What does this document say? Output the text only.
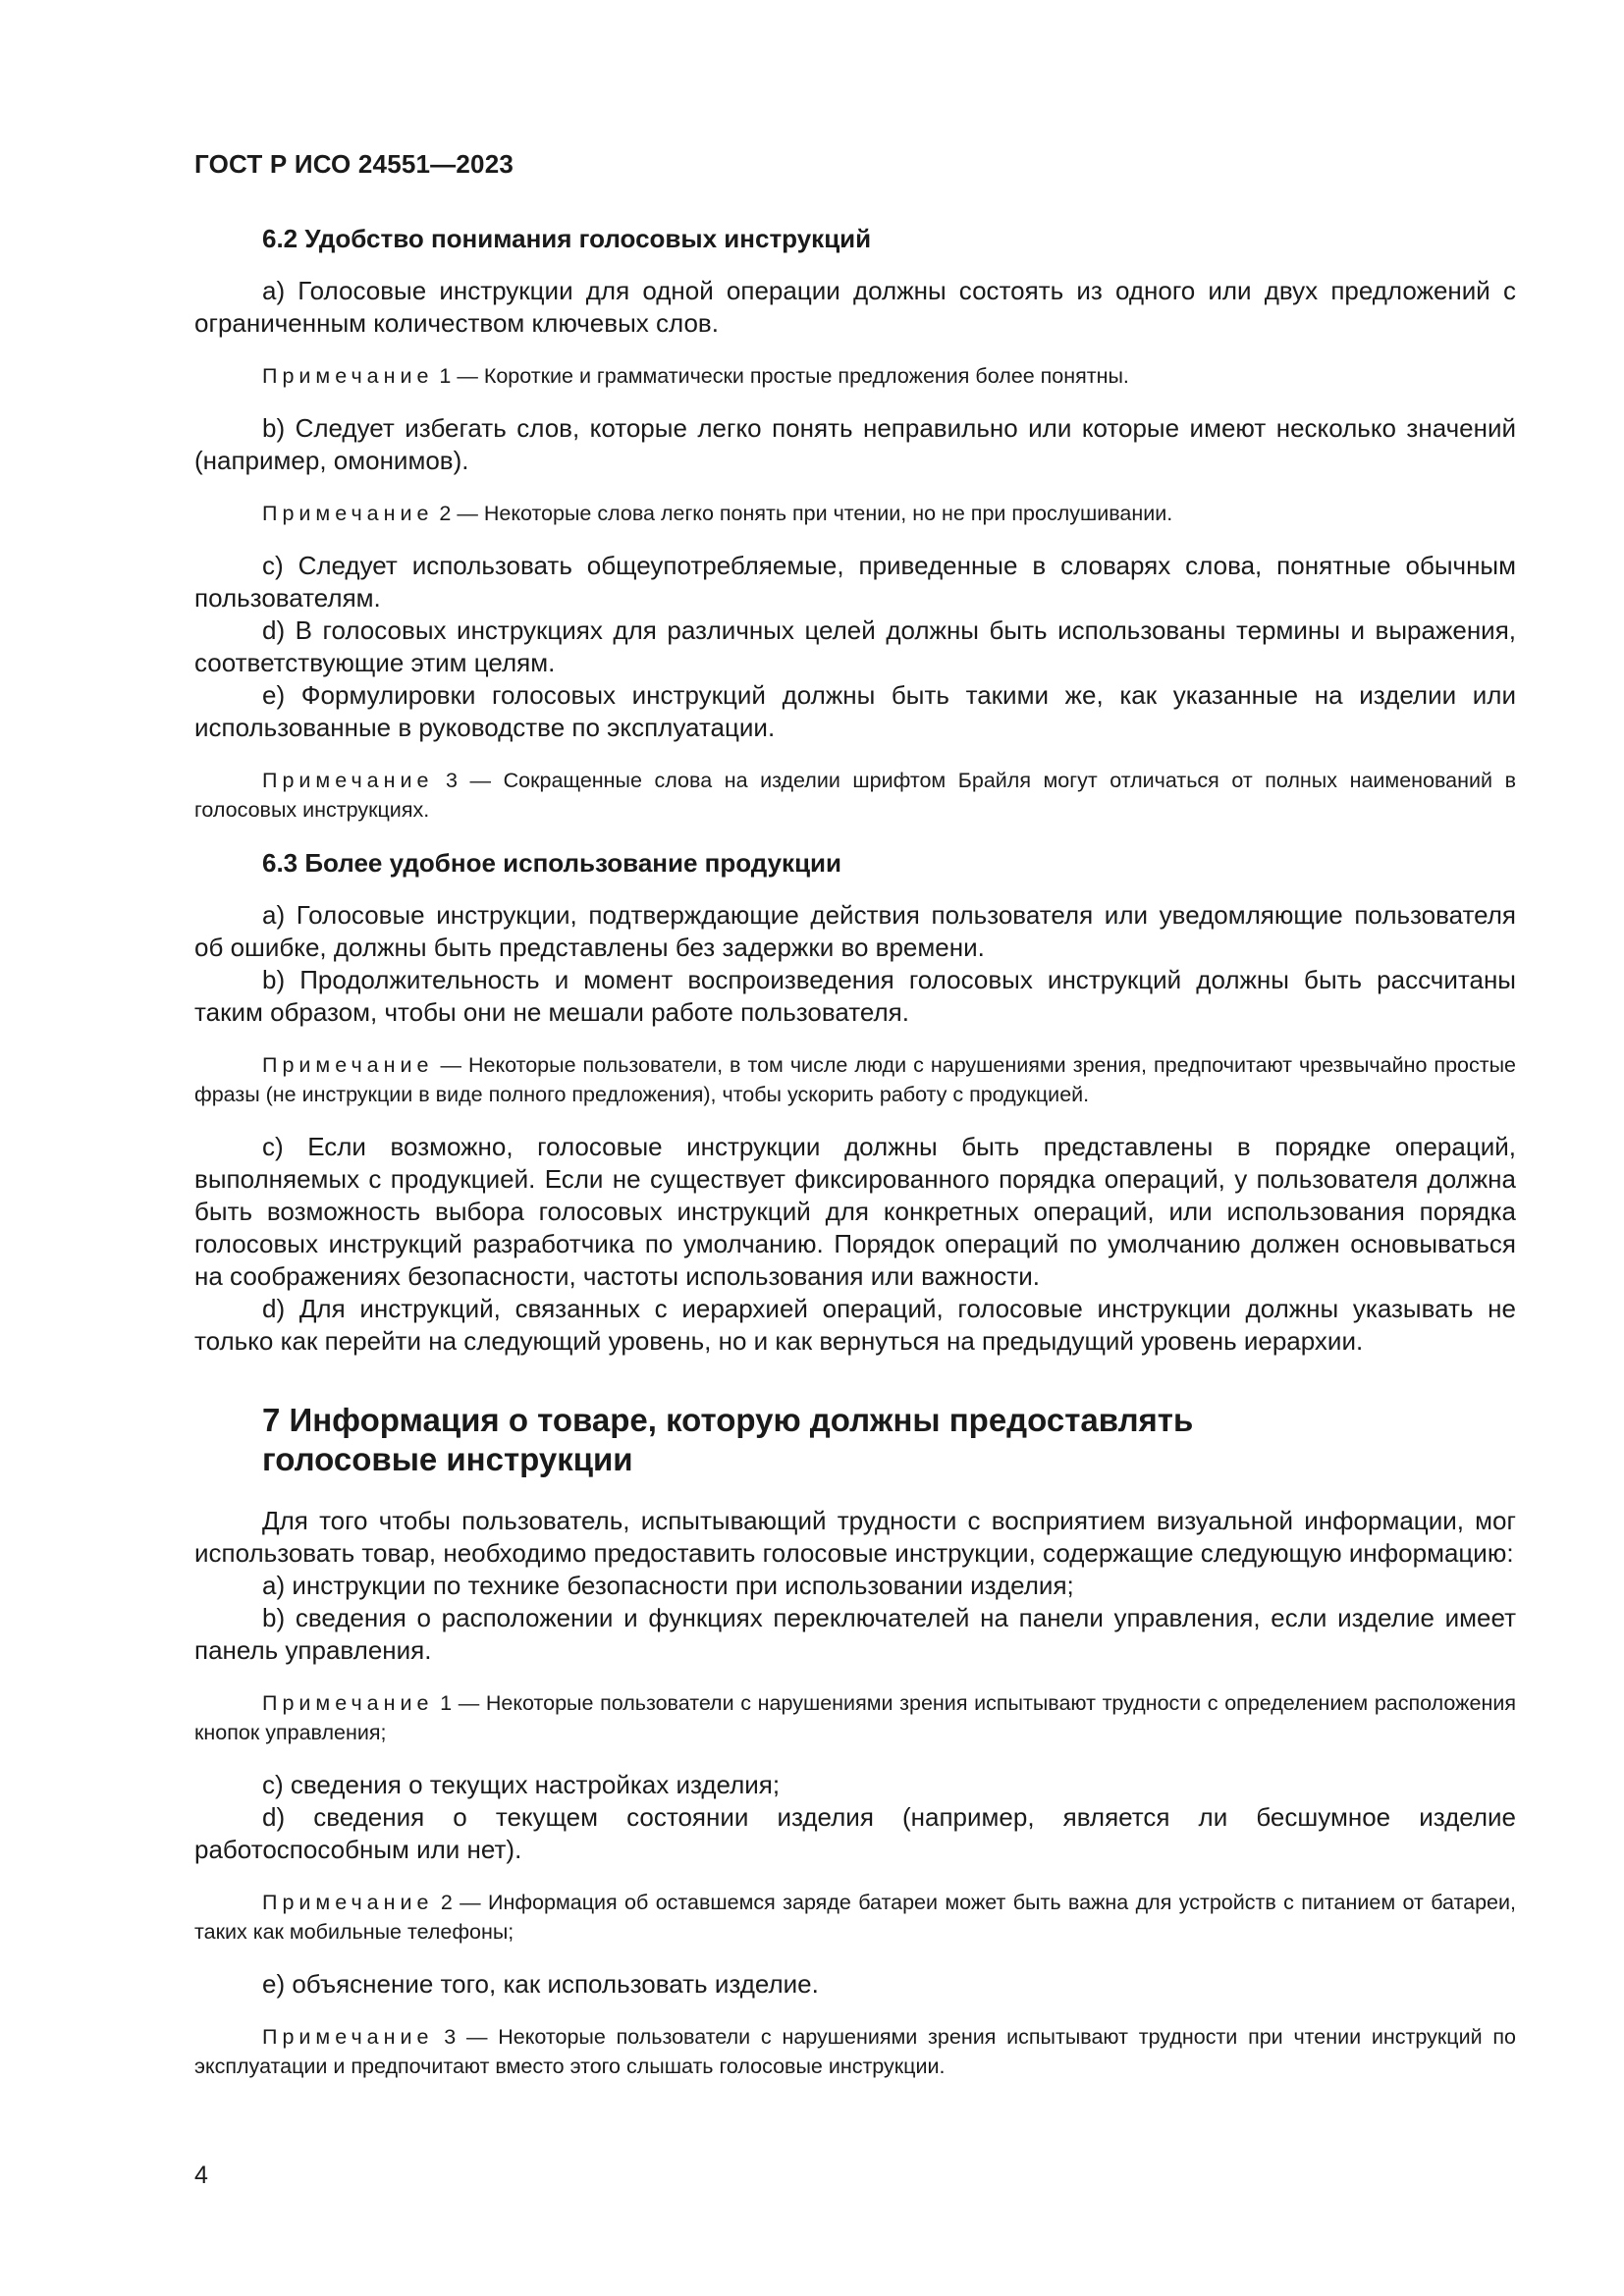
ГОСТ Р ИСО 24551—2023
6.2 Удобство понимания голосовых инструкций

a) Голосовые инструкции для одной операции должны состоять из одного или двух предложений с ограниченным количеством ключевых слов.

Примечание 1 — Короткие и грамматически простые предложения более понятны.

b) Следует избегать слов, которые легко понять неправильно или которые имеют несколько значений (например, омонимов).

Примечание 2 — Некоторые слова легко понять при чтении, но не при прослушивании.

c) Следует использовать общеупотребляемые, приведенные в словарях слова, понятные обычным пользователям.

d) В голосовых инструкциях для различных целей должны быть использованы термины и выражения, соответствующие этим целям.

e) Формулировки голосовых инструкций должны быть такими же, как указанные на изделии или использованные в руководстве по эксплуатации.

Примечание 3 — Сокращенные слова на изделии шрифтом Брайля могут отличаться от полных наименований в голосовых инструкциях.

6.3 Более удобное использование продукции

a) Голосовые инструкции, подтверждающие действия пользователя или уведомляющие пользователя об ошибке, должны быть представлены без задержки во времени.

b) Продолжительность и момент воспроизведения голосовых инструкций должны быть рассчитаны таким образом, чтобы они не мешали работе пользователя.

Примечание — Некоторые пользователи, в том числе люди с нарушениями зрения, предпочитают чрезвычайно простые фразы (не инструкции в виде полного предложения), чтобы ускорить работу с продукцией.

c) Если возможно, голосовые инструкции должны быть представлены в порядке операций, выполняемых с продукцией. Если не существует фиксированного порядка операций, у пользователя должна быть возможность выбора голосовых инструкций для конкретных операций, или использования порядка голосовых инструкций разработчика по умолчанию. Порядок операций по умолчанию должен основываться на соображениях безопасности, частоты использования или важности.

d) Для инструкций, связанных с иерархией операций, голосовые инструкции должны указывать не только как перейти на следующий уровень, но и как вернуться на предыдущий уровень иерархии.

7 Информация о товаре, которую должны предоставлять
голосовые инструкции

Для того чтобы пользователь, испытывающий трудности с восприятием визуальной информации, мог использовать товар, необходимо предоставить голосовые инструкции, содержащие следующую информацию:

a) инструкции по технике безопасности при использовании изделия;

b) сведения о расположении и функциях переключателей на панели управления, если изделие имеет панель управления.

Примечание 1 — Некоторые пользователи с нарушениями зрения испытывают трудности с определением расположения кнопок управления;

c) сведения о текущих настройках изделия;

d) сведения о текущем состоянии изделия (например, является ли бесшумное изделие работоспособным или нет).

Примечание 2 — Информация об оставшемся заряде батареи может быть важна для устройств с питанием от батареи, таких как мобильные телефоны;

e) объяснение того, как использовать изделие.

Примечание 3 — Некоторые пользователи с нарушениями зрения испытывают трудности при чтении инструкций по эксплуатации и предпочитают вместо этого слышать голосовые инструкции.

4
